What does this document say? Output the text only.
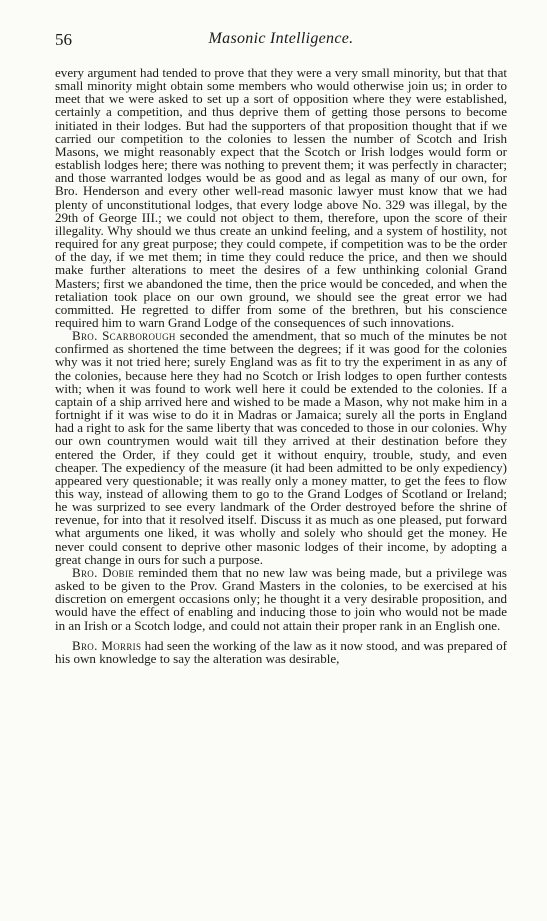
56	Masonic Intelligence.

every argument had tended to prove that they were a very small minority, but that that small minority might obtain some members who would otherwise join us; in order to meet that we were asked to set up a sort of opposition where they were established, certainly a competition, and thus deprive them of getting those persons to become initiated in their lodges. But had the supporters of that proposition thought that if we carried our competition to the colonies to lessen the number of Scotch and Irish Masons, we might reasonably expect that the Scotch or Irish lodges would form or establish lodges here; there was nothing to prevent them; it was perfectly in character; and those warranted lodges would be as good and as legal as many of our own, for Bro. Henderson and every other well-read masonic lawyer must know that we had plenty of unconstitutional lodges, that every lodge above No. 329 was illegal, by the 29th of George III.; we could not object to them, therefore, upon the score of their illegality. Why should we thus create an unkind feeling, and a system of hostility, not required for any great purpose; they could compete, if competition was to be the order of the day, if we met them; in time they could reduce the price, and then we should make further alterations to meet the desires of a few unthinking colonial Grand Masters; first we abandoned the time, then the price would be conceded, and when the retaliation took place on our own ground, we should see the great error we had committed. He regretted to differ from some of the brethren, but his conscience required him to warn Grand Lodge of the consequences of such innovations.

Bro. Scarborough seconded the amendment, that so much of the minutes be not confirmed as shortened the time between the degrees; if it was good for the colonies why was it not tried here; surely England was as fit to try the experiment in as any of the colonies, because here they had no Scotch or Irish lodges to open further contests with; when it was found to work well here it could be extended to the colonies. If a captain of a ship arrived here and wished to be made a Mason, why not make him in a fortnight if it was wise to do it in Madras or Jamaica; surely all the ports in England had a right to ask for the same liberty that was conceded to those in our colonies. Why our own countrymen would wait till they arrived at their destination before they entered the Order, if they could get it without enquiry, trouble, study, and even cheaper. The expediency of the measure (it had been admitted to be only expediency) appeared very questionable; it was really only a money matter, to get the fees to flow this way, instead of allowing them to go to the Grand Lodges of Scotland or Ireland; he was surprized to see every landmark of the Order destroyed before the shrine of revenue, for into that it resolved itself. Discuss it as much as one pleased, put forward what arguments one liked, it was wholly and solely who should get the money. He never could consent to deprive other masonic lodges of their income, by adopting a great change in ours for such a purpose.

Bro. Dobie reminded them that no new law was being made, but a privilege was asked to be given to the Prov. Grand Masters in the colonies, to be exercised at his discretion on emergent occasions only; he thought it a very desirable proposition, and would have the effect of enabling and inducing those to join who would not be made in an Irish or a Scotch lodge, and could not attain their proper rank in an English one.

Bro. Morris had seen the working of the law as it now stood, and was prepared of his own knowledge to say the alteration was desirable,
